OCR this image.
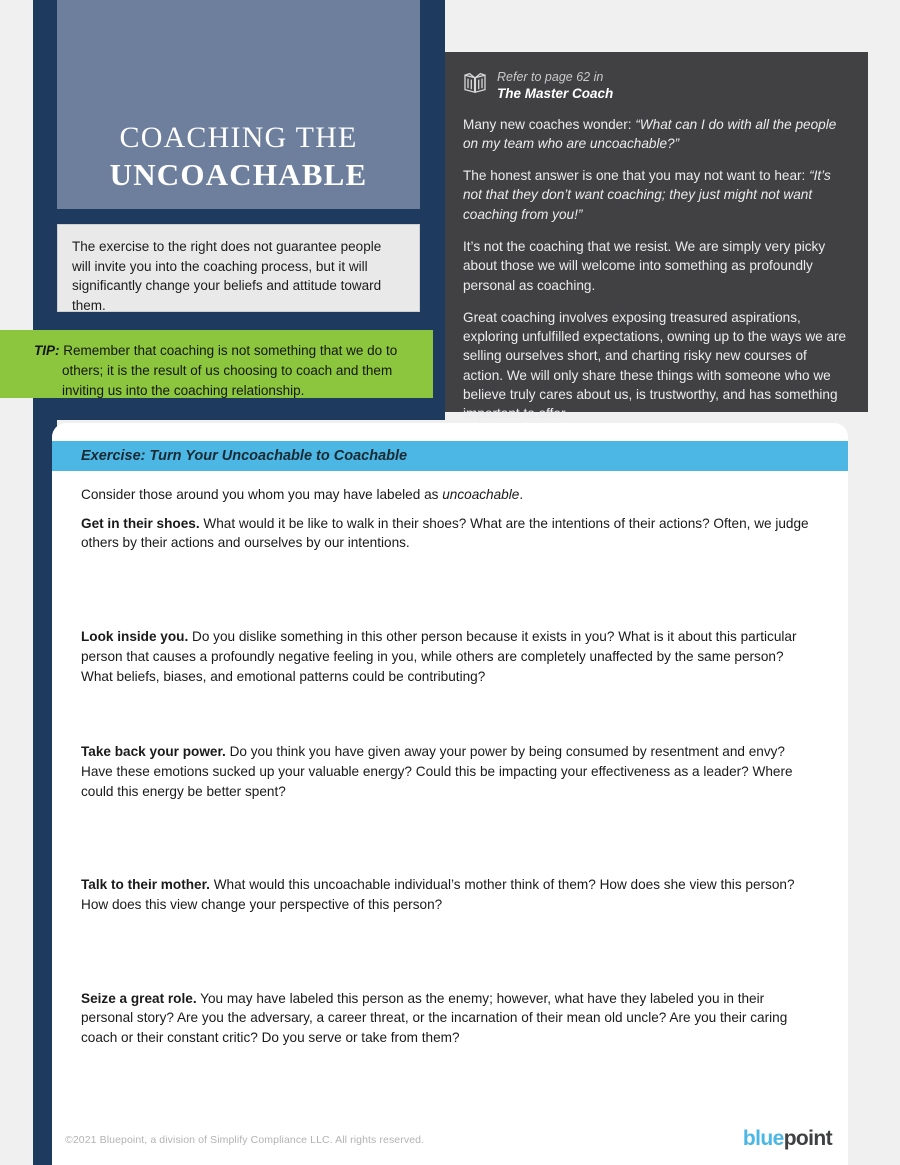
COACHING THE
UNCOACHABLE

The exercise to the right does not guarantee people will invite you into the coaching process, but it will significantly change your beliefs and attitude toward them.

TIP: Remember that coaching is not something that we do to others; it is the result of us choosing to coach and them inviting us into the coaching relationship.

Refer to page 62 in
The Master Coach

Many new coaches wonder: “What can I do with all the people on my team who are uncoachable?”

The honest answer is one that you may not want to hear: “It’s not that they don’t want coaching; they just might not want coaching from you!”

It’s not the coaching that we resist. We are simply very picky about those we will welcome into something as profoundly personal as coaching.

Great coaching involves exposing treasured aspirations, exploring unfulfilled expectations, owning up to the ways we are selling ourselves short, and charting risky new courses of action. We will only share these things with someone who we believe truly cares about us, is trustworthy, and has something important to offer.

Exercise: Turn Your Uncoachable to Coachable

Consider those around you whom you may have labeled as uncoachable.

Get in their shoes. What would it be like to walk in their shoes? What are the intentions of their actions? Often, we judge others by their actions and ourselves by our intentions.

Look inside you. Do you dislike something in this other person because it exists in you? What is it about this particular person that causes a profoundly negative feeling in you, while others are completely unaffected by the same person? What beliefs, biases, and emotional patterns could be contributing?

Take back your power. Do you think you have given away your power by being consumed by resentment and envy? Have these emotions sucked up your valuable energy? Could this be impacting your effectiveness as a leader? Where could this energy be better spent?

Talk to their mother. What would this uncoachable individual’s mother think of them? How does she view this person? How does this view change your perspective of this person?

Seize a great role. You may have labeled this person as the enemy; however, what have they labeled you in their personal story? Are you the adversary, a career threat, or the incarnation of their mean old uncle? Are you their caring coach or their constant critic? Do you serve or take from them?

©2021 Bluepoint, a division of Simplify Compliance LLC. All rights reserved.	bluepoint
